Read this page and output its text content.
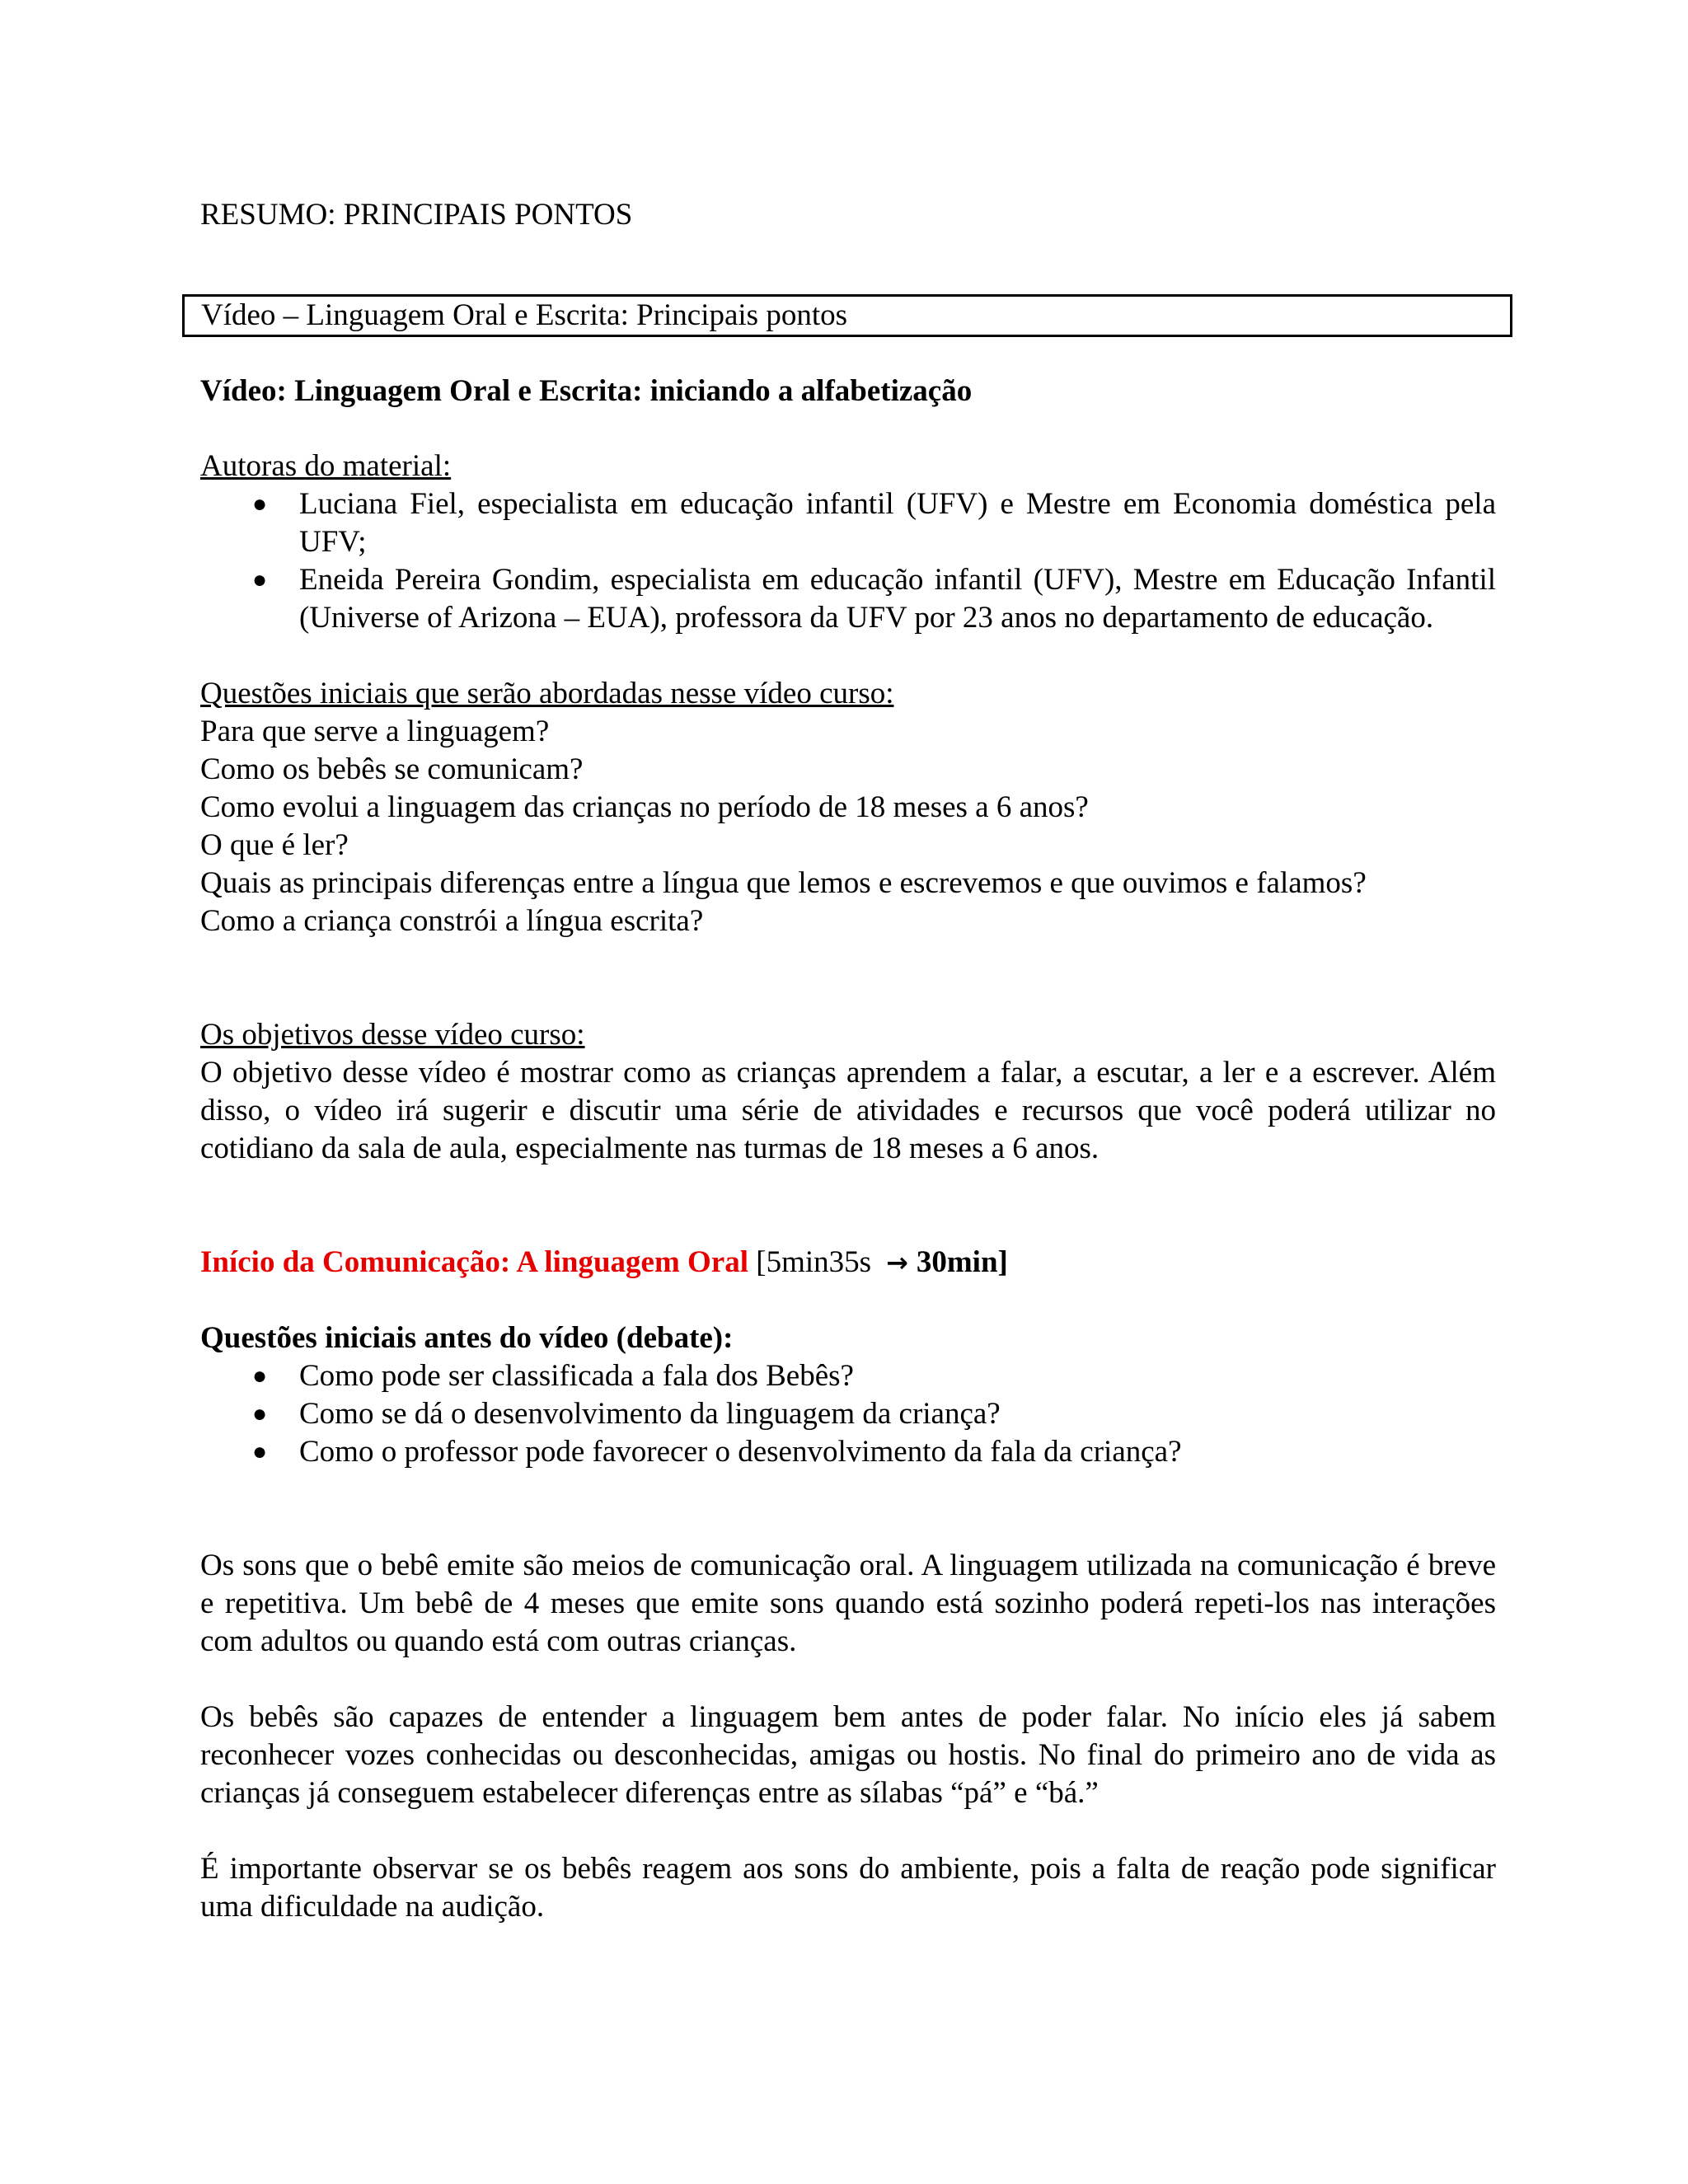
Vídeo – Linguagem Oral e Escrita: Principais pontos
RESUMO: PRINCIPAIS PONTOS

Vídeo: Linguagem Oral e Escrita: iniciando a alfabetização

Autoras do material:

● Luciana Fiel, especialista em educação infantil (UFV) e Mestre em Economia doméstica pela UFV;
● Eneida Pereira Gondim, especialista em educação infantil (UFV), Mestre em Educação Infantil (Universe of Arizona – EUA), professora da UFV por 23 anos no departamento de educação.

Questões iniciais que serão abordadas nesse vídeo curso:

Para que serve a linguagem?

Como os bebês se comunicam?

Como evolui a linguagem das crianças no período de 18 meses a 6 anos?

O que é ler?

Quais as principais diferenças entre a língua que lemos e escrevemos e que ouvimos e falamos?

Como a criança constrói a língua escrita?

Os objetivos desse vídeo curso:

O objetivo desse vídeo é mostrar como as crianças aprendem a falar, a escutar, a ler e a escrever. Além disso, o vídeo irá sugerir e discutir uma série de atividades e recursos que você poderá utilizar no cotidiano da sala de aula, especialmente nas turmas de 18 meses a 6 anos.

Início da Comunicação: A linguagem Oral [5min35s → 30min]

Questões iniciais antes do vídeo (debate):

● Como pode ser classificada a fala dos Bebês?
● Como se dá o desenvolvimento da linguagem da criança?
● Como o professor pode favorecer o desenvolvimento da fala da criança?

Os sons que o bebê emite são meios de comunicação oral. A linguagem utilizada na comunicação é breve e repetitiva. Um bebê de 4 meses que emite sons quando está sozinho poderá repeti-los nas interações com adultos ou quando está com outras crianças.

Os bebês são capazes de entender a linguagem bem antes de poder falar. No início eles já sabem reconhecer vozes conhecidas ou desconhecidas, amigas ou hostis. No final do primeiro ano de vida as crianças já conseguem estabelecer diferenças entre as sílabas “pá” e “bá.”

É importante observar se os bebês reagem aos sons do ambiente, pois a falta de reação pode significar uma dificuldade na audição.
